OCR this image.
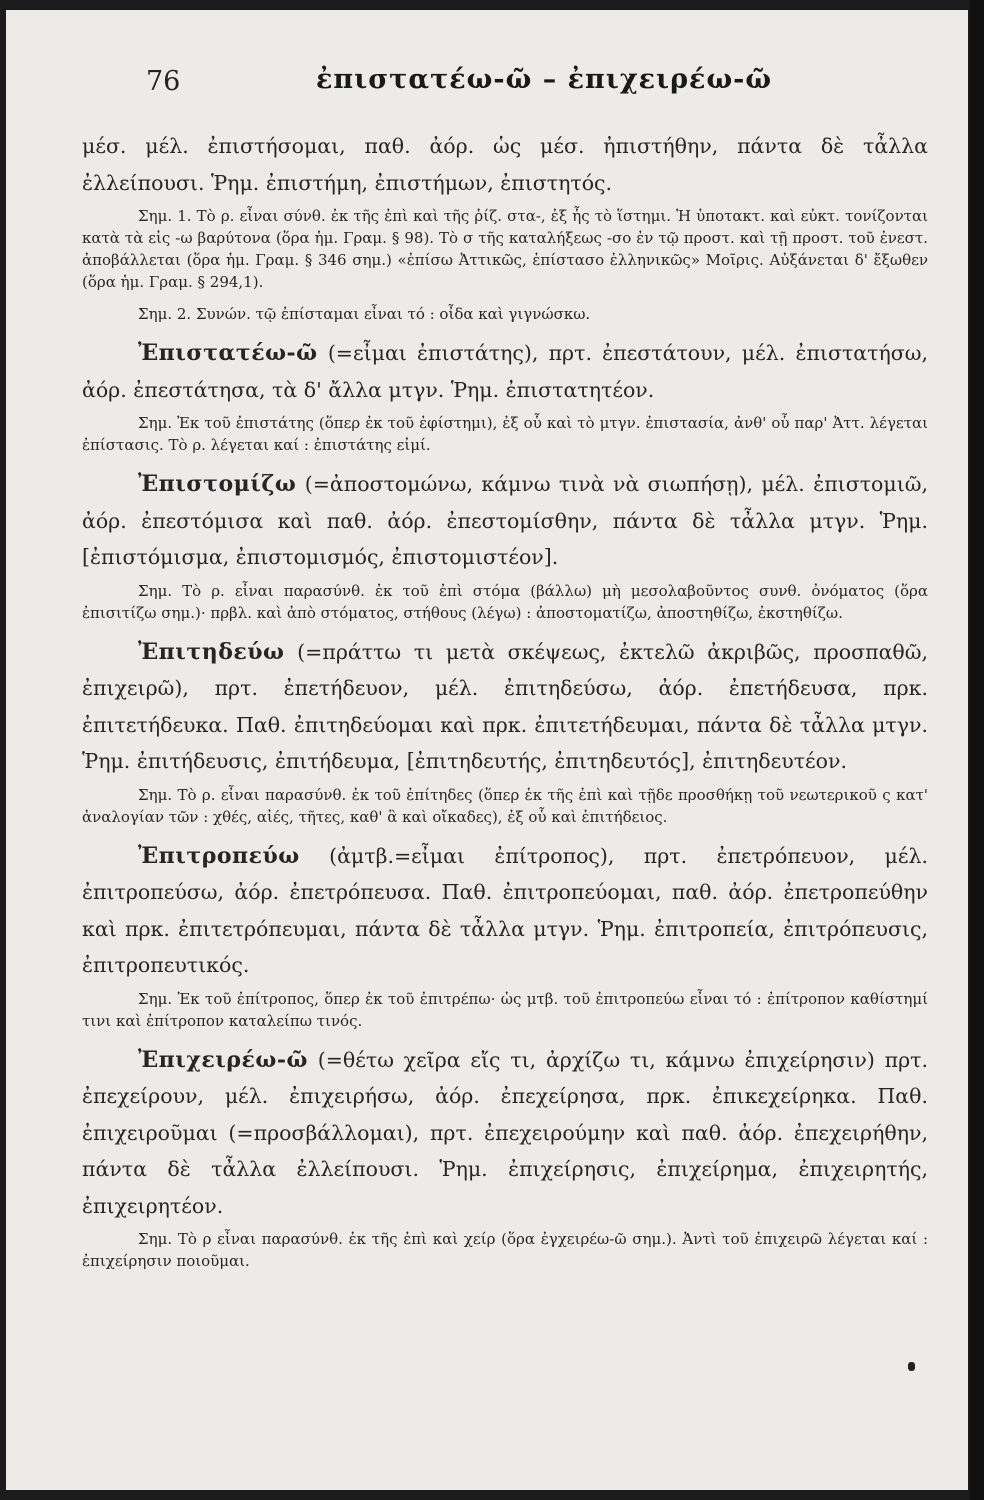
76	ἐπιστατέω-ῶ – ἐπιχειρέω-ῶ

μέσ. μέλ. ἐπιστήσομαι, παθ. ἀόρ. ὡς μέσ. ἠπιστήθην, πάντα δὲ τἆλλα ἐλλείπουσι. Ῥημ. ἐπιστήμη, ἐπιστήμων, ἐπιστητός.

Σημ. 1. Τὸ ρ. εἶναι σύνθ. ἐκ τῆς ἐπὶ καὶ τῆς ῥίζ. στα-, ἐξ ἧς τὸ ἵστημι. Ἡ ὑποτακτ. καὶ εὐκτ. τονίζονται κατὰ τὰ εἰς -ω βαρύτονα (ὅρα ἡμ. Γραμ. § 98). Τὸ σ τῆς καταλήξεως -σο ἐν τῷ προστ. καὶ τῇ προστ. τοῦ ἐνεστ. ἀποβάλλεται (ὅρα ἡμ. Γραμ. § 346 σημ.) «ἐπίσω Ἀττικῶς, ἐπίστασο ἑλληνικῶς» Μοῖρις. Αὐξάνεται δ' ἔξωθεν (ὅρα ἡμ. Γραμ. § 294,1).

Σημ. 2. Συνών. τῷ ἐπίσταμαι εἶναι τό : οἶδα καὶ γιγνώσκω.

Ἐπιστατέω-ῶ (=εἶμαι ἐπιστάτης), πρτ. ἐπεστάτουν, μέλ. ἐπιστατήσω, ἀόρ. ἐπεστάτησα, τὰ δ' ἄλλα μτγν. Ῥημ. ἐπιστατητέον.

Σημ. Ἐκ τοῦ ἐπιστάτης (ὅπερ ἐκ τοῦ ἐφίστημι), ἐξ οὗ καὶ τὸ μτγν. ἐπιστασία, ἀνθ' οὗ παρ' Ἀττ. λέγεται ἐπίστασις. Τὸ ρ. λέγεται καί : ἐπιστάτης εἰμί.

Ἐπιστομίζω (=ἀποστομώνω, κάμνω τινὰ νὰ σιωπήσῃ), μέλ. ἐπιστομιῶ, ἀόρ. ἐπεστόμισα καὶ παθ. ἀόρ. ἐπεστομίσθην, πάντα δὲ τἆλλα μτγν. Ῥημ. [ἐπιστόμισμα, ἐπιστομισμός, ἐπιστομιστέον].

Σημ. Τὸ ρ. εἶναι παρασύνθ. ἐκ τοῦ ἐπὶ στόμα (βάλλω) μὴ μεσολαβοῦντος συνθ. ὀνόματος (ὅρα ἐπισιτίζω σημ.)· πρβλ. καὶ ἀπὸ στόματος, στήθους (λέγω) : ἀποστοματίζω, ἀποστηθίζω, ἐκστηθίζω.

Ἐπιτηδεύω (=πράττω τι μετὰ σκέψεως, ἐκτελῶ ἀκριβῶς, προσπαθῶ, ἐπιχειρῶ), πρτ. ἐπετήδευον, μέλ. ἐπιτηδεύσω, ἀόρ. ἐπετήδευσα, πρκ. ἐπιτετήδευκα. Παθ. ἐπιτηδεύομαι καὶ πρκ. ἐπιτετήδευμαι, πάντα δὲ τἆλλα μτγν. Ῥημ. ἐπιτήδευσις, ἐπιτήδευμα, [ἐπιτηδευτής, ἐπιτηδευτός], ἐπιτηδευτέον.

Σημ. Τὸ ρ. εἶναι παρασύνθ. ἐκ τοῦ ἐπίτηδες (ὅπερ ἐκ τῆς ἐπὶ καὶ τῇδε προσθήκῃ τοῦ νεωτερικοῦ ς κατ' ἀναλογίαν τῶν : χθές, αἰές, τῆτες, καθ' ἃ καὶ οἴκαδες), ἐξ οὗ καὶ ἐπιτήδειος.

Ἐπιτροπεύω (ἀμτβ.=εἶμαι ἐπίτροπος), πρτ. ἐπετρόπευον, μέλ. ἐπιτροπεύσω, ἀόρ. ἐπετρόπευσα. Παθ. ἐπιτροπεύομαι, παθ. ἀόρ. ἐπετροπεύθην καὶ πρκ. ἐπιτετρόπευμαι, πάντα δὲ τἆλλα μτγν. Ῥημ. ἐπιτροπεία, ἐπιτρόπευσις, ἐπιτροπευτικός.

Σημ. Ἐκ τοῦ ἐπίτροπος, ὅπερ ἐκ τοῦ ἐπιτρέπω· ὡς μτβ. τοῦ ἐπιτροπεύω εἶναι τό : ἐπίτροπον καθίστημί τινι καὶ ἐπίτροπον καταλείπω τινός.

Ἐπιχειρέω-ῶ (=θέτω χεῖρα εἴς τι, ἀρχίζω τι, κάμνω ἐπιχείρησιν) πρτ. ἐπεχείρουν, μέλ. ἐπιχειρήσω, ἀόρ. ἐπεχείρησα, πρκ. ἐπικεχείρηκα. Παθ. ἐπιχειροῦμαι (=προσβάλλομαι), πρτ. ἐπεχειρούμην καὶ παθ. ἀόρ. ἐπεχειρήθην, πάντα δὲ τἆλλα ἐλλείπουσι. Ῥημ. ἐπιχείρησις, ἐπιχείρημα, ἐπιχειρητής, ἐπιχειρητέον.

Σημ. Τὸ ρ εἶναι παρασύνθ. ἐκ τῆς ἐπὶ καὶ χείρ (ὅρα ἐγχειρέω-ῶ σημ.). Ἀντὶ τοῦ ἐπιχειρῶ λέγεται καί : ἐπιχείρησιν ποιοῦμαι.
